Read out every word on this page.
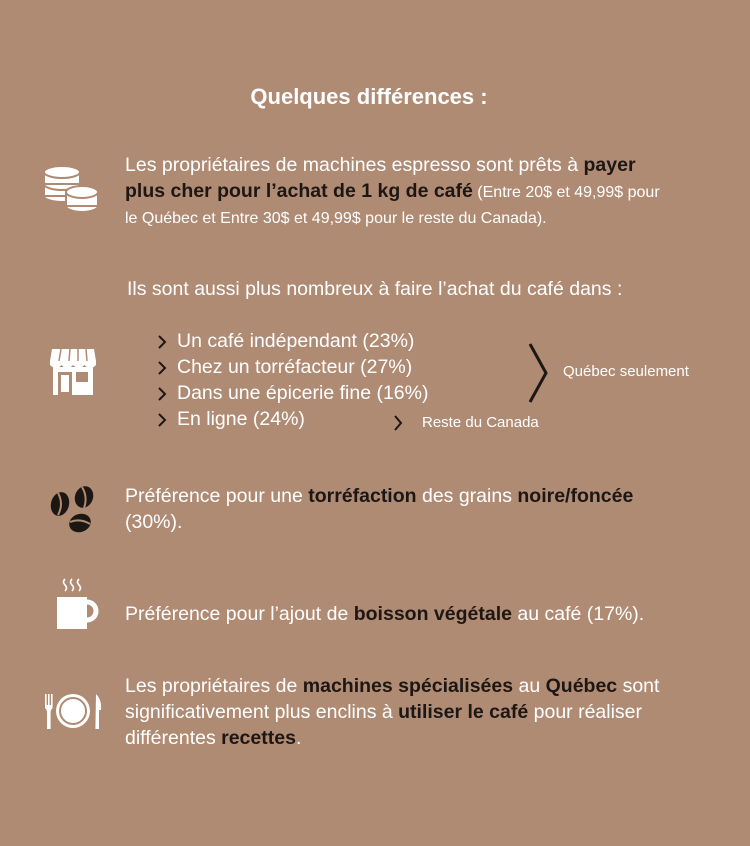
Quelques différences :
Les propriétaires de machines espresso sont prêts à payer
plus cher pour l’achat de 1 kg de café (Entre 20$ et 49,99$ pour
le Québec et Entre 30$ et 49,99$ pour le reste du Canada).
Ils sont aussi plus nombreux à faire l’achat du café dans :
Un café indépendant (23%)
Chez un torréfacteur (27%)
Dans une épicerie fine (16%)
En ligne (24%)
Québec seulement
Reste du Canada
Préférence pour une torréfaction des grains noire/foncée
(30%).
Préférence pour l’ajout de boisson végétale au café (17%).
Les propriétaires de machines spécialisées au Québec sont
significativement plus enclins à utiliser le café pour réaliser
différentes recettes.
